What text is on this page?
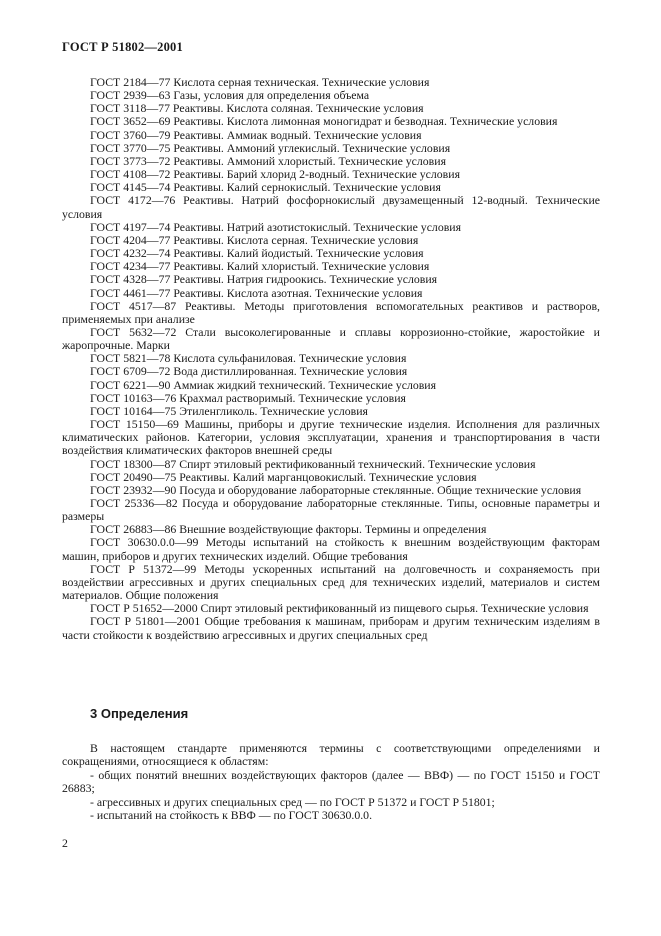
ГОСТ Р 51802—2001

ГОСТ 2184—77 Кислота серная техническая. Технические условия

ГОСТ 2939—63 Газы, условия для определения объема

ГОСТ 3118—77 Реактивы. Кислота соляная. Технические условия

ГОСТ 3652—69 Реактивы. Кислота лимонная моногидрат и безводная. Технические условия

ГОСТ 3760—79 Реактивы. Аммиак водный. Технические условия

ГОСТ 3770—75 Реактивы. Аммоний углекислый. Технические условия

ГОСТ 3773—72 Реактивы. Аммоний хлористый. Технические условия

ГОСТ 4108—72 Реактивы. Барий хлорид 2-водный. Технические условия

ГОСТ 4145—74 Реактивы. Калий сернокислый. Технические условия

ГОСТ 4172—76 Реактивы. Натрий фосфорнокислый двузамещенный 12-водный. Технические условия

ГОСТ 4197—74 Реактивы. Натрий азотистокислый. Технические условия

ГОСТ 4204—77 Реактивы. Кислота серная. Технические условия

ГОСТ 4232—74 Реактивы. Калий йодистый. Технические условия

ГОСТ 4234—77 Реактивы. Калий хлористый. Технические условия

ГОСТ 4328—77 Реактивы. Натрия гидроокись. Технические условия

ГОСТ 4461—77 Реактивы. Кислота азотная. Технические условия

ГОСТ 4517—87 Реактивы. Методы приготовления вспомогательных реактивов и растворов, применяемых при анализе

ГОСТ 5632—72 Стали высоколегированные и сплавы коррозионно-стойкие, жаростойкие и жаропрочные. Марки

ГОСТ 5821—78 Кислота сульфаниловая. Технические условия

ГОСТ 6709—72 Вода дистиллированная. Технические условия

ГОСТ 6221—90 Аммиак жидкий технический. Технические условия

ГОСТ 10163—76 Крахмал растворимый. Технические условия

ГОСТ 10164—75 Этиленгликоль. Технические условия

ГОСТ 15150—69 Машины, приборы и другие технические изделия. Исполнения для различных климатических районов. Категории, условия эксплуатации, хранения и транспортирования в части воздействия климатических факторов внешней среды

ГОСТ 18300—87 Спирт этиловый ректификованный технический. Технические условия

ГОСТ 20490—75 Реактивы. Калий марганцовокислый. Технические условия

ГОСТ 23932—90 Посуда и оборудование лабораторные стеклянные. Общие технические условия

ГОСТ 25336—82 Посуда и оборудование лабораторные стеклянные. Типы, основные параметры и размеры

ГОСТ 26883—86 Внешние воздействующие факторы. Термины и определения

ГОСТ 30630.0.0—99 Методы испытаний на стойкость к внешним воздействующим факторам машин, приборов и других технических изделий. Общие требования

ГОСТ Р 51372—99 Методы ускоренных испытаний на долговечность и сохраняемость при воздействии агрессивных и других специальных сред для технических изделий, материалов и систем материалов. Общие положения

ГОСТ Р 51652—2000 Спирт этиловый ректификованный из пищевого сырья. Технические условия

ГОСТ Р 51801—2001 Общие требования к машинам, приборам и другим техническим изделиям в части стойкости к воздействию агрессивных и других специальных сред

3 Определения

В настоящем стандарте применяются термины с соответствующими определениями и сокращениями, относящиеся к областям:

- общих понятий внешних воздействующих факторов (далее — ВВФ) — по ГОСТ 15150 и ГОСТ 26883;

- агрессивных и других специальных сред — по ГОСТ Р 51372 и ГОСТ Р 51801;

- испытаний на стойкость к ВВФ — по ГОСТ 30630.0.0.

2
